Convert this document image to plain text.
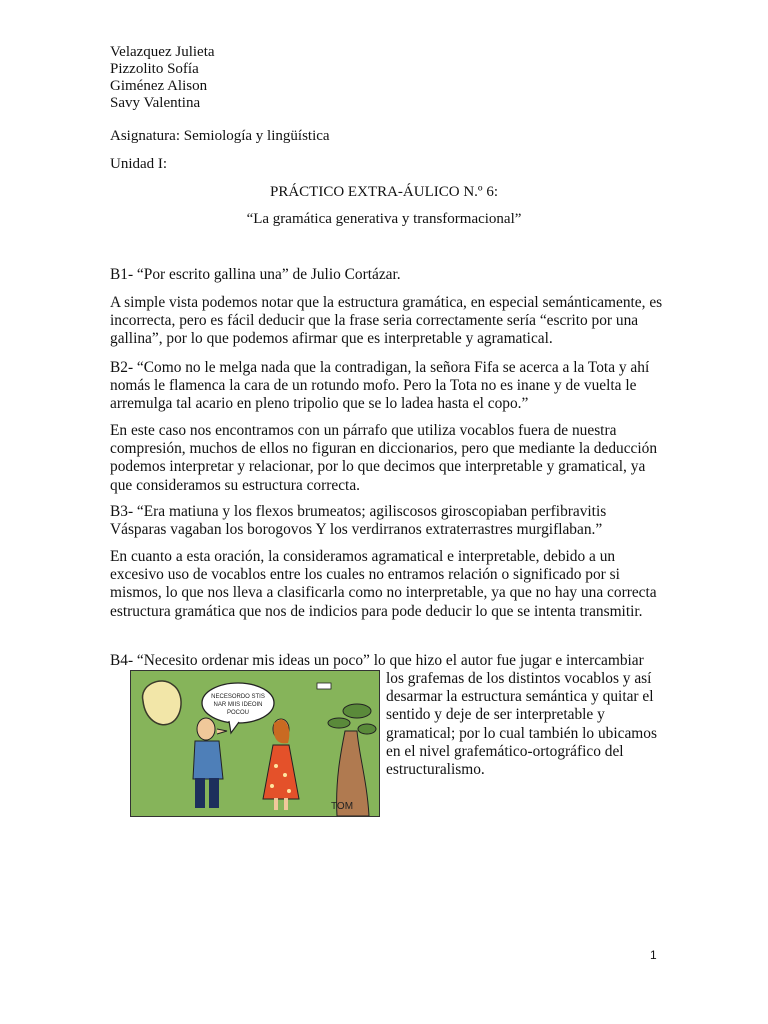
Velazquez Julieta
Pizzolito Sofía
Giménez Alison
Savy Valentina
Asignatura: Semiología y lingüística
Unidad I:
PRÁCTICO EXTRA-ÁULICO N.º 6:
“La gramática generativa y transformacional”

B1- “Por escrito gallina una” de Julio Cortázar.

A simple vista podemos notar que la estructura gramática, en especial semánticamente, es incorrecta, pero es fácil deducir que la frase seria correctamente sería “escrito por una gallina”, por lo que podemos afirmar que es interpretable y agramatical.

B2- “Como no le melga nada que la contradigan, la señora Fifa se acerca a la Tota y ahí nomás le flamenca la cara de un rotundo mofo. Pero la Tota no es inane y de vuelta le arremulga tal acario en pleno tripolio que se lo ladea hasta el copo.”

En este caso nos encontramos con un párrafo que utiliza vocablos fuera de nuestra compresión, muchos de ellos no figuran en diccionarios, pero que mediante la deducción podemos interpretar y relacionar, por lo que decimos que interpretable y gramatical, ya que consideramos su estructura correcta.

B3- “Era matiuna y los flexos brumeatos; agiliscosos giroscopiaban perfibravitis Vásparas vagaban los borogovos Y los verdirranos extraterrastres murgiflaban.”

En cuanto a esta oración, la consideramos agramatical e interpretable, debido a un excesivo uso de vocablos entre los cuales no entramos relación o significado por si mismos, lo que nos lleva a clasificarla como no interpretable, ya que no hay una correcta estructura gramática que nos de indicios para pode deducir lo que se intenta transmitir.

B4- “Necesito ordenar mis ideas un poco” lo que hizo el autor fue jugar e intercambiar

los grafemas de los distintos vocablos y así desarmar la estructura semántica y quitar el sentido y deje de ser interpretable y gramatical; por lo cual también lo ubicamos en el nivel grafemático-ortográfico del estructuralismo.

NECESORDO STIS
NAR MIIS IDEOIN
POCOU
TOM
1
